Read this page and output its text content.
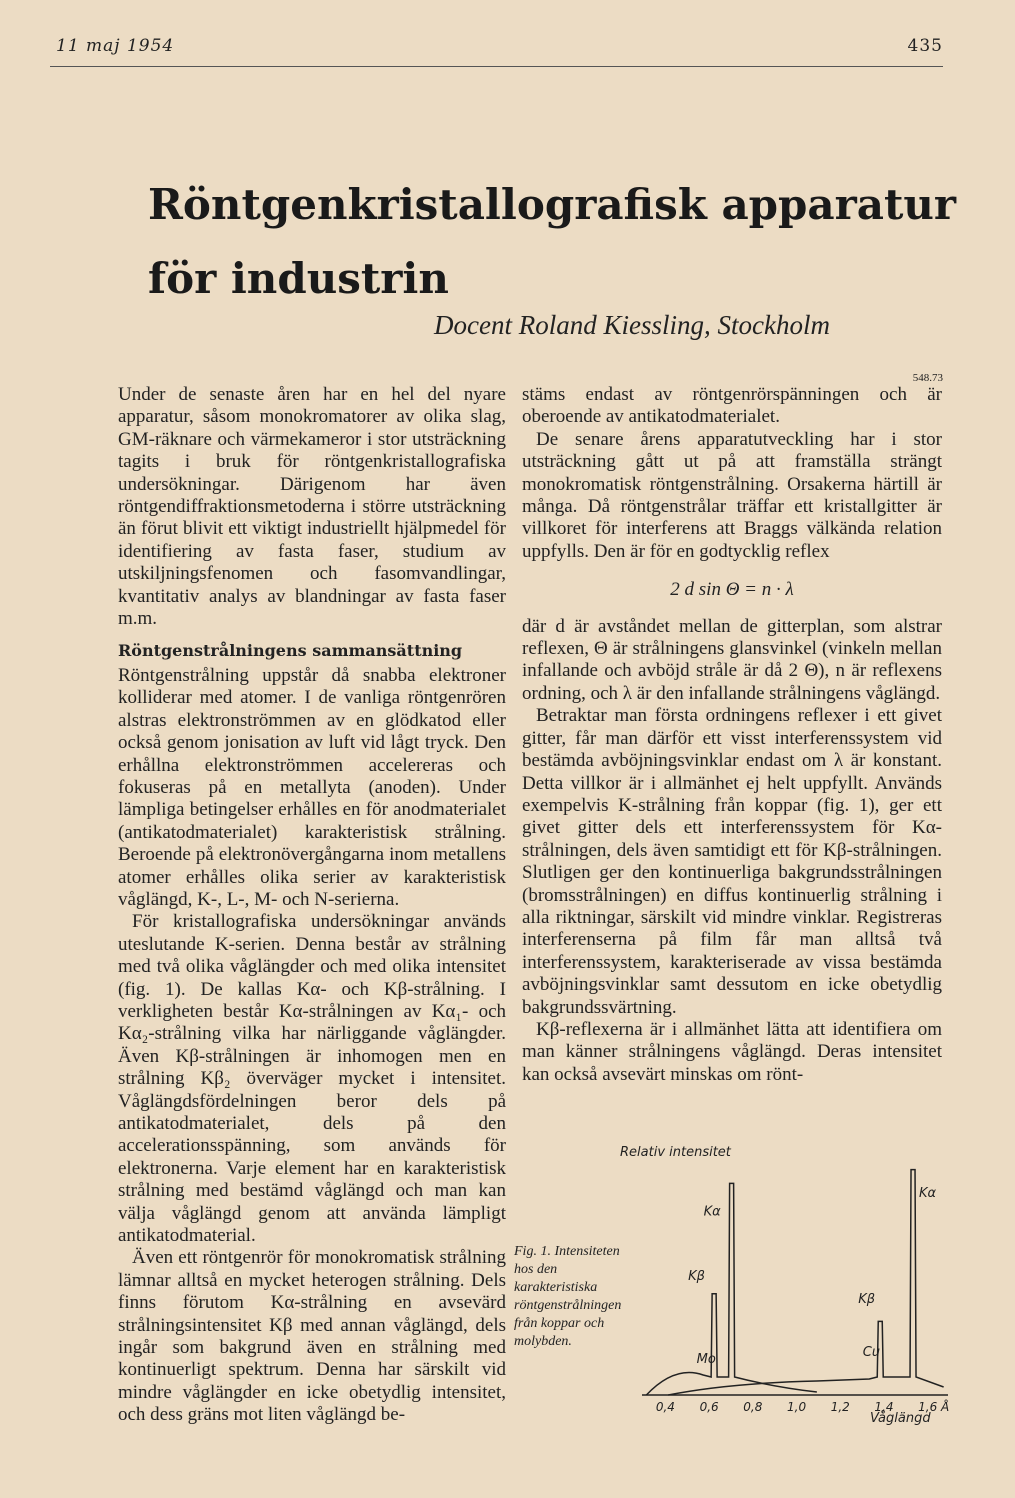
11 maj 1954	435
Röntgenkristallografisk apparatur
för industrin
Docent Roland Kiessling, Stockholm
548.73

Under de senaste åren har en hel del nyare apparatur, såsom monokromatorer av olika slag, GM-räknare och värmekameror i stor utsträckning tagits i bruk för röntgenkristallografiska undersökningar. Därigenom har även röntgendiffraktionsmetoderna i större utsträckning än förut blivit ett viktigt industriellt hjälpmedel för identifiering av fasta faser, studium av utskiljningsfenomen och fasomvandlingar, kvantitativ analys av blandningar av fasta faser m.m.

Röntgenstrålningens sammansättning

Röntgenstrålning uppstår då snabba elektroner kolliderar med atomer. I de vanliga röntgenrören alstras elektronströmmen av en glödkatod eller också genom jonisation av luft vid lågt tryck. Den erhållna elektronströmmen accelereras och fokuseras på en metallyta (anoden). Under lämpliga betingelser erhålles en för anodmaterialet (antikatodmaterialet) karakteristisk strålning. Beroende på elektronövergångarna inom metallens atomer erhålles olika serier av karakteristisk våglängd, K-, L-, M- och N-serierna.

För kristallografiska undersökningar används uteslutande K-serien. Denna består av strålning med två olika våglängder och med olika intensitet (fig. 1). De kallas Kα- och Kβ-strålning. I verkligheten består Kα-strålningen av Kα₁- och Kα₂-strålning vilka har närliggande våglängder. Även Kβ-strålningen är inhomogen men en strålning Kβ₂ överväger mycket i intensitet. Våglängdsfördelningen beror dels på antikatodmaterialet, dels på den accelerationsspänning, som används för elektronerna. Varje element har en karakteristisk strålning med bestämd våglängd och man kan välja våglängd genom att använda lämpligt antikatodmaterial.

Även ett röntgenrör för monokromatisk strålning lämnar alltså en mycket heterogen strålning. Dels finns förutom Kα-strålning en avsevärd strålningsintensitet Kβ med annan våglängd, dels ingår som bakgrund även en strålning med kontinuerligt spektrum. Denna har särskilt vid mindre våglängder en icke obetydlig intensitet, och dess gräns mot liten våglängd be-

stäms endast av röntgenrörspänningen och är oberoende av antikatodmaterialet.

De senare årens apparatutveckling har i stor utsträckning gått ut på att framställa strängt monokromatisk röntgenstrålning. Orsakerna härtill är många. Då röntgenstrålar träffar ett kristallgitter är villkoret för interferens att Braggs välkända relation uppfylls. Den är för en godtycklig reflex

2 d sin Θ = n · λ

där d är avståndet mellan de gitterplan, som alstrar reflexen, Θ är strålningens glansvinkel (vinkeln mellan infallande och avböjd stråle är då 2 Θ), n är reflexens ordning, och λ är den infallande strålningens våglängd.

Betraktar man första ordningens reflexer i ett givet gitter, får man därför ett visst interferenssystem vid bestämda avböjningsvinklar endast om λ är konstant. Detta villkor är i allmänhet ej helt uppfyllt. Används exempelvis K-strålning från koppar (fig. 1), ger ett givet gitter dels ett interferenssystem för Kα-strålningen, dels även samtidigt ett för Kβ-strålningen. Slutligen ger den kontinuerliga bakgrundsstrålningen (bromsstrålningen) en diffus kontinuerlig strålning i alla riktningar, särskilt vid mindre vinklar. Registreras interferenserna på film får man alltså två interferenssystem, karakteriserade av vissa bestämda avböjningsvinklar samt dessutom en icke obetydlig bakgrundssvärtning.

Kβ-reflexerna är i allmänhet lätta att identifiera om man känner strålningens våglängd. Deras intensitet kan också avsevärt minskas om rönt-

Fig. 1. Intensiteten hos den karakteristiska röntgenstrålningen från koppar och molybden.
Relativ intensitet
Våglängd
Kα
Kβ
Kα
Kβ
Mo	Cu
0,4 0,6 0,8 1,0 1,2 1,4 1,6 Å
